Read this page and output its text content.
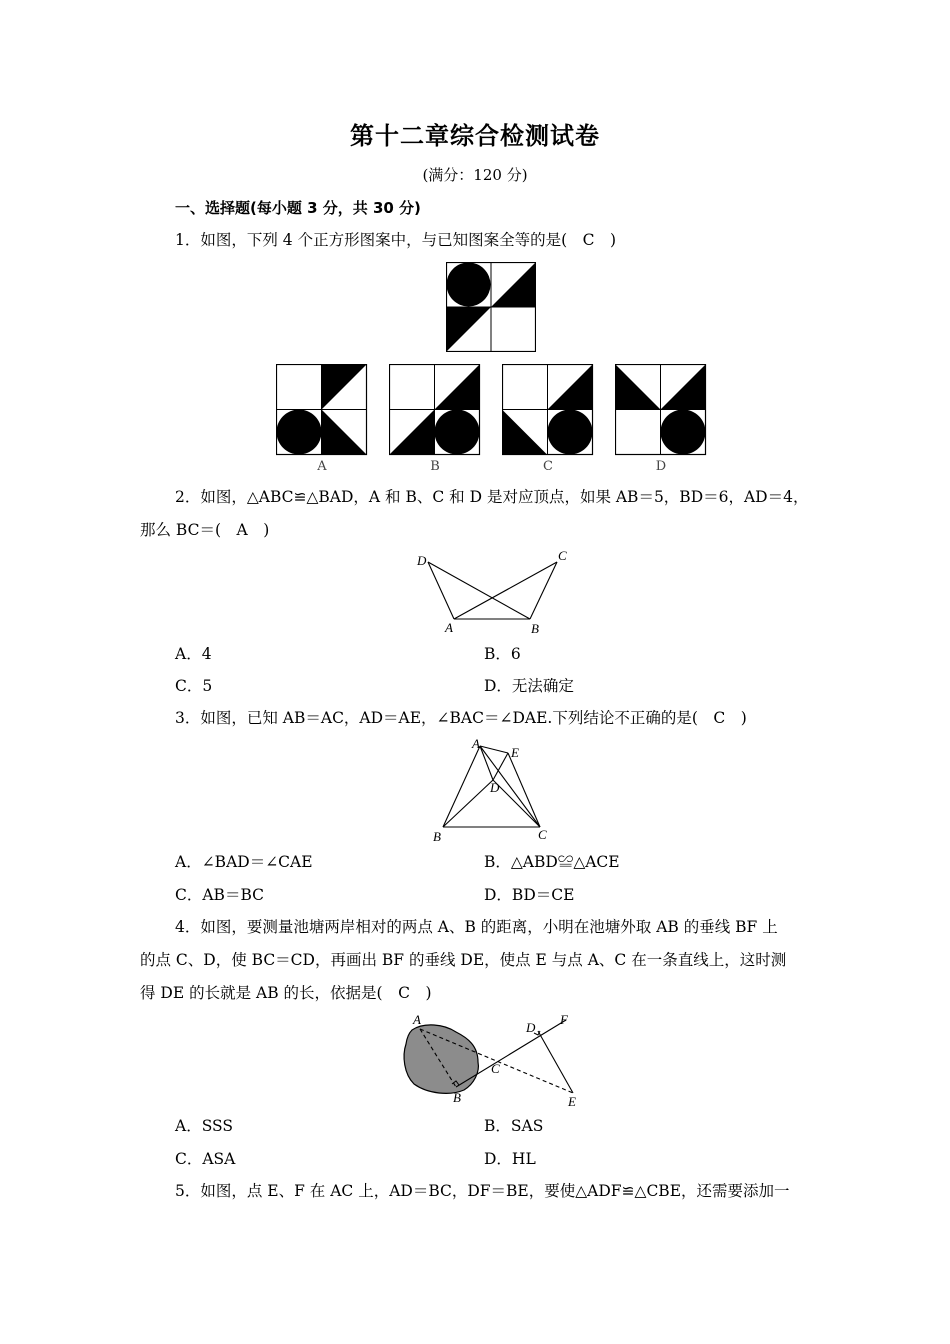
第十二章综合检测试卷
(满分：120 分)
一、选择题(每小题 3 分，共 30 分)
1．如图，下列 4 个正方形图案中，与已知图案全等的是(　C　)
A	B	C	D
2．如图，△ABC≌△BAD，A 和 B、C 和 D 是对应顶点，如果 AB＝5，BD＝6，AD＝4，
那么 BC＝(　A　)
D	C
A	B
A．4	B．6
C．5	D．无法确定
3．如图，已知 AB＝AC，AD＝AE，∠BAC＝∠DAE.下列结论不正确的是(　C　)
A
E
D
B	C
A．∠BAD＝∠CAE	B．△ABD≌△ACE
C．AB＝BC	D．BD＝CE
4．如图，要测量池塘两岸相对的两点 A、B 的距离，小明在池塘外取 AB 的垂线 BF 上
的点 C、D，使 BC＝CD，再画出 BF 的垂线 DE，使点 E 与点 A、C 在一条直线上，这时测
得 DE 的长就是 AB 的长，依据是(　C　)
A
D
F
C
B	E
A．SSS	B．SAS
C．ASA	D．HL
5．如图，点 E、F 在 AC 上，AD＝BC，DF＝BE，要使△ADF≌△CBE，还需要添加一
